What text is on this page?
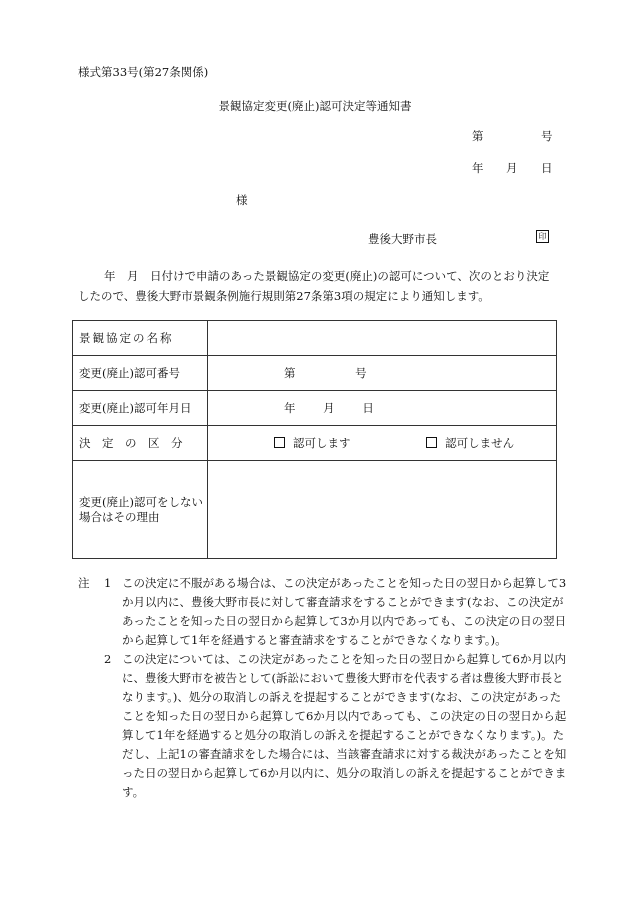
様式第33号(第27条関係)
景観協定変更(廃止)認可決定等通知書
第	号
年 月 日
様
豊後大野市長	印
年　月　日付けで申請のあった景観協定の変更(廃止)の認可について、次のとおり決定したので、豊後大野市景観条例施行規則第27条第3項の規定により通知します。
景観協定の名称	
変更(廃止)認可番号	第 号
変更(廃止)認可年月日	年 月 日
決　定　の　区　分	認可します 認可しません
変更(廃止)認可をしない場合はその理由	
注	1 この決定に不服がある場合は、この決定があったことを知った日の翌日から起算して3か月以内に、豊後大野市長に対して審査請求をすることができます(なお、この決定が　あったことを知った日の翌日から起算して3か月以内であっても、この決定の日の翌日から起算して1年を経過すると審査請求をすることができなくなります。)。
2 この決定については、この決定があったことを知った日の翌日から起算して6か月以内に、豊後大野市を被告として(訴訟において豊後大野市を代表する者は豊後大野市長となります。)、処分の取消しの訴えを提起することができます(なお、この決定があったことを知った日の翌日から起算して6か月以内であっても、この決定の日の翌日から起算して1年を経過すると処分の取消しの訴えを提起することができなくなります。)。ただし、上記1の審査請求をした場合には、当該審査請求に対する裁決があったことを知った日の翌日から起算して6か月以内に、処分の取消しの訴えを提起することができます。
